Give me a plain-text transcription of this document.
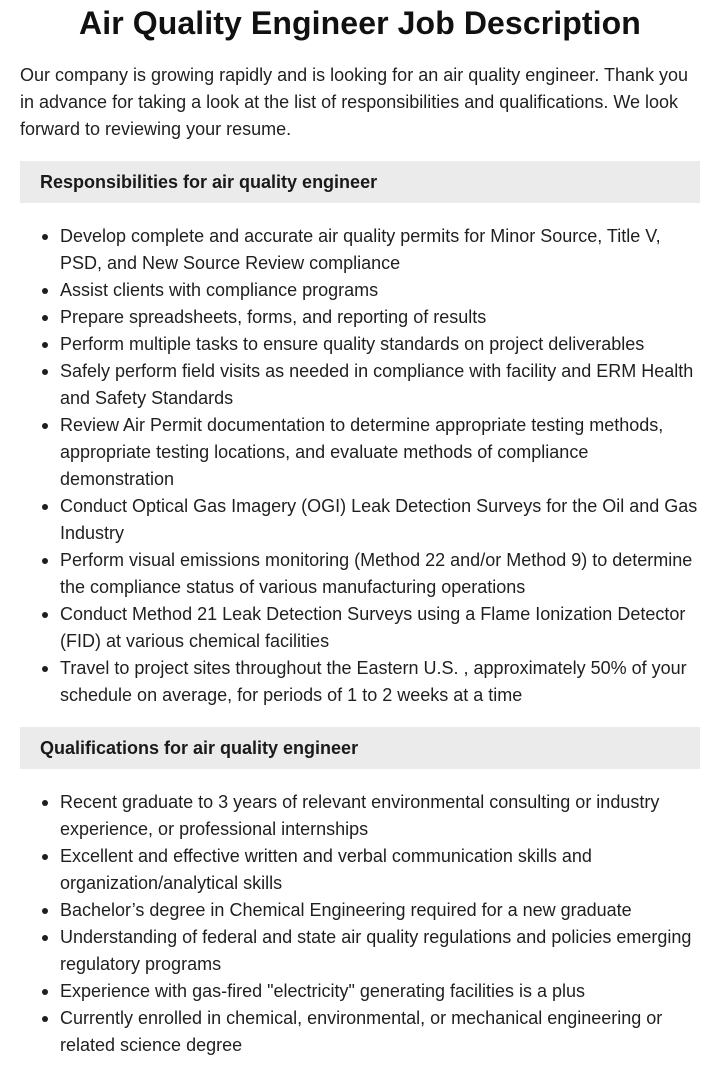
Air Quality Engineer Job Description

Our company is growing rapidly and is looking for an air quality engineer. Thank you in advance for taking a look at the list of responsibilities and qualifications. We look forward to reviewing your resume.

Responsibilities for air quality engineer
Develop complete and accurate air quality permits for Minor Source, Title V, PSD, and New Source Review compliance
Assist clients with compliance programs
Prepare spreadsheets, forms, and reporting of results
Perform multiple tasks to ensure quality standards on project deliverables
Safely perform field visits as needed in compliance with facility and ERM Health and Safety Standards
Review Air Permit documentation to determine appropriate testing methods, appropriate testing locations, and evaluate methods of compliance demonstration
Conduct Optical Gas Imagery (OGI) Leak Detection Surveys for the Oil and Gas Industry
Perform visual emissions monitoring (Method 22 and/or Method 9) to determine the compliance status of various manufacturing operations
Conduct Method 21 Leak Detection Surveys using a Flame Ionization Detector (FID) at various chemical facilities
Travel to project sites throughout the Eastern U.S. , approximately 50% of your schedule on average, for periods of 1 to 2 weeks at a time
Qualifications for air quality engineer
Recent graduate to 3 years of relevant environmental consulting or industry experience, or professional internships
Excellent and effective written and verbal communication skills and organization/analytical skills
Bachelor’s degree in Chemical Engineering required for a new graduate
Understanding of federal and state air quality regulations and policies emerging regulatory programs
Experience with gas-fired "electricity" generating facilities is a plus
Currently enrolled in chemical, environmental, or mechanical engineering or related science degree
